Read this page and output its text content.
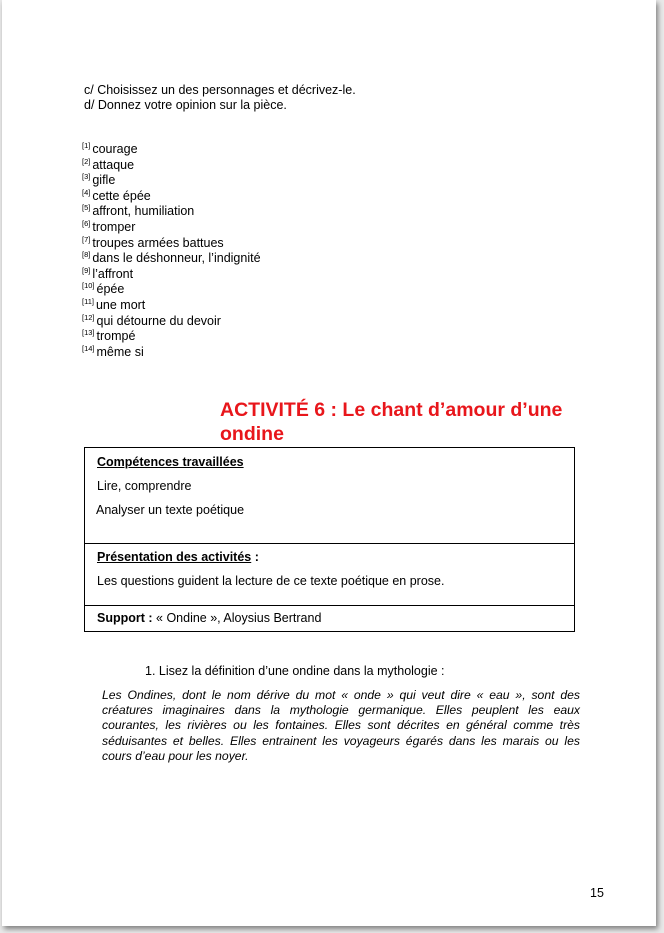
c/ Choisissez un des personnages et décrivez-le.
d/ Donnez votre opinion sur la pièce.
[1] courage
[2] attaque
[3] gifle
[4] cette épée
[5] affront, humiliation
[6] tromper
[7] troupes armées battues
[8] dans le déshonneur, l’indignité
[9] l’affront
[10] épée
[11] une mort
[12] qui détourne du devoir
[13] trompé
[14] même si
ACTIVITÉ 6 : Le chant d’amour d’une
ondine
Compétences travaillées
Lire, comprendre
Analyser un texte poétique
Présentation des activités :
Les questions guident la lecture de ce texte poétique en prose.
Support : « Ondine », Aloysius Bertrand
1. Lisez la définition d’une ondine dans la mythologie :
Les Ondines, dont le nom dérive du mot « onde » qui veut dire « eau », sont des créatures imaginaires dans la mythologie germanique. Elles peuplent les eaux courantes, les rivières ou les fontaines. Elles sont décrites en général comme très séduisantes et belles. Elles entrainent les voyageurs égarés dans les marais ou les cours d’eau pour les noyer.
15
